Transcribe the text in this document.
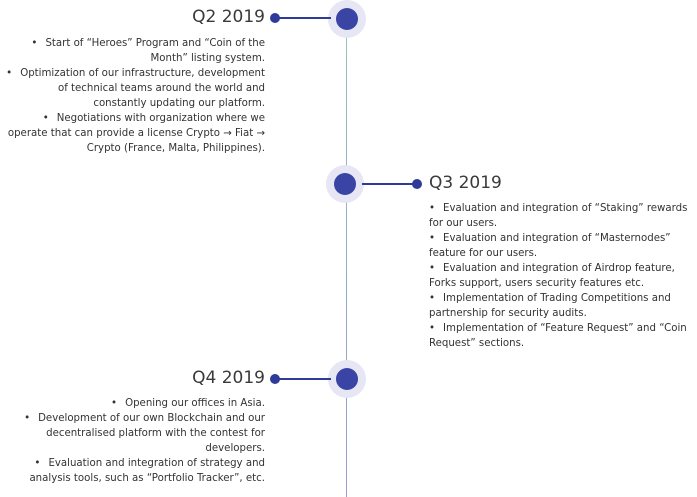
Q2 2019
• Start of “Heroes” Program and “Coin of the Month” listing system.
• Optimization of our infrastructure, development of technical teams around the world and constantly updating our platform.
• Negotiations with organization where we operate that can provide a license Crypto → Fiat → Crypto (France, Malta, Philippines).
Q3 2019
• Evaluation and integration of “Staking” rewards for our users.
• Evaluation and integration of “Masternodes” feature for our users.
• Evaluation and integration of Airdrop feature, Forks support, users security features etc.
• Implementation of Trading Competitions and partnership for security audits.
• Implementation of “Feature Request” and “Coin Request” sections.
Q4 2019
• Opening our offices in Asia.
• Development of our own Blockchain and our decentralised platform with the contest for developers.
• Evaluation and integration of strategy and analysis tools, such as “Portfolio Tracker”, etc.
